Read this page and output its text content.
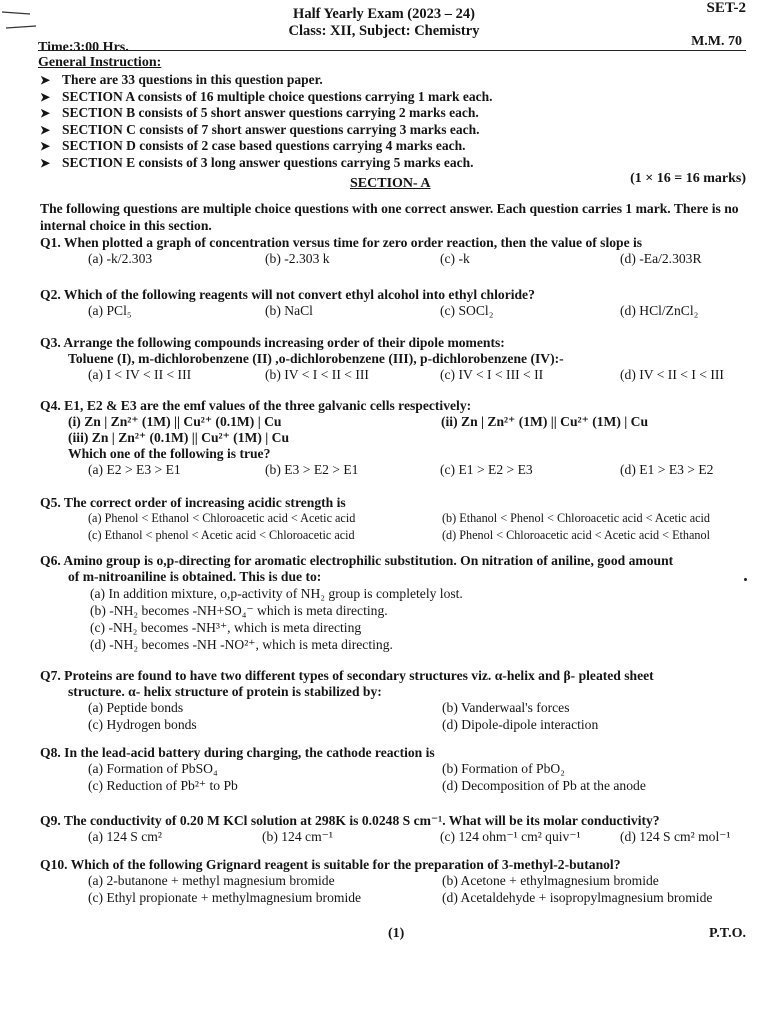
Half Yearly Exam (2023 – 24)
Class: XII, Subject: Chemistry
SET-2
Time:3:00 Hrs.	M.M. 70
General Instruction:
➤ There are 33 questions in this question paper.
➤ SECTION A consists of 16 multiple choice questions carrying 1 mark each.
➤ SECTION B consists of 5 short answer questions carrying 2 marks each.
➤ SECTION C consists of 7 short answer questions carrying 3 marks each.
➤ SECTION D consists of 2 case based questions carrying 4 marks each.
➤ SECTION E consists of 3 long answer questions carrying 5 marks each.
SECTION- A	(1 × 16 = 16 marks)
The following questions are multiple choice questions with one correct answer. Each question carries 1 mark. There is no internal choice in this section.
Q1. When plotted a graph of concentration versus time for zero order reaction, then the value of slope is
(a) -k/2.303	(b) -2.303 k	(c) -k	(d) -Ea/2.303R
Q2. Which of the following reagents will not convert ethyl alcohol into ethyl chloride?
(a) PCl₅	(b) NaCl	(c) SOCl₂	(d) HCl/ZnCl₂
Q3. Arrange the following compounds increasing order of their dipole moments:
Toluene (I), m-dichlorobenzene (II) ,o-dichlorobenzene (III), p-dichlorobenzene (IV):-
(a) I < IV < II < III	(b) IV < I < II < III	(c) IV < I < III < II	(d) IV < II < I < III
Q4. E1, E2 & E3 are the emf values of the three galvanic cells respectively:
(i) Zn | Zn²⁺ (1M) || Cu²⁺ (0.1M) | Cu	(ii) Zn | Zn²⁺ (1M) || Cu²⁺ (1M) | Cu
(iii) Zn | Zn²⁺ (0.1M) || Cu²⁺ (1M) | Cu
Which one of the following is true?
(a) E2 > E3 > E1	(b) E3 > E2 > E1	(c) E1 > E2 > E3	(d) E1 > E3 > E2
Q5. The correct order of increasing acidic strength is
(a) Phenol < Ethanol < Chloroacetic acid < Acetic acid	(b) Ethanol < Phenol < Chloroacetic acid < Acetic acid
(c) Ethanol < phenol < Acetic acid < Chloroacetic acid	(d) Phenol < Chloroacetic acid < Acetic acid < Ethanol
Q6. Amino group is o,p-directing for aromatic electrophilic substitution. On nitration of aniline, good amount
of m-nitroaniline is obtained. This is due to:
(a) In addition mixture, o,p-activity of NH₂ group is completely lost.
(b) -NH₂ becomes -NH+SO₄⁻ which is meta directing.
(c) -NH₂ becomes -NH³⁺, which is meta directing
(d) -NH₂ becomes -NH -NO²⁺, which is meta directing.
Q7. Proteins are found to have two different types of secondary structures viz. α-helix and β- pleated sheet
structure. α- helix structure of protein is stabilized by:
(a) Peptide bonds	(b) Vanderwaal's forces
(c) Hydrogen bonds	(d) Dipole-dipole interaction
Q8. In the lead-acid battery during charging, the cathode reaction is
(a) Formation of PbSO₄	(b) Formation of PbO₂
(c) Reduction of Pb²⁺ to Pb	(d) Decomposition of Pb at the anode
Q9. The conductivity of 0.20 M KCl solution at 298K is 0.0248 S cm⁻¹. What will be its molar conductivity?
(a) 124 S cm²	(b) 124 cm⁻¹	(c) 124 ohm⁻¹ cm² quiv⁻¹	(d) 124 S cm² mol⁻¹
Q10. Which of the following Grignard reagent is suitable for the preparation of 3-methyl-2-butanol?
(a) 2-butanone + methyl magnesium bromide	(b) Acetone + ethylmagnesium bromide
(c) Ethyl propionate + methylmagnesium bromide	(d) Acetaldehyde + isopropylmagnesium bromide
(1)	P.T.O.
